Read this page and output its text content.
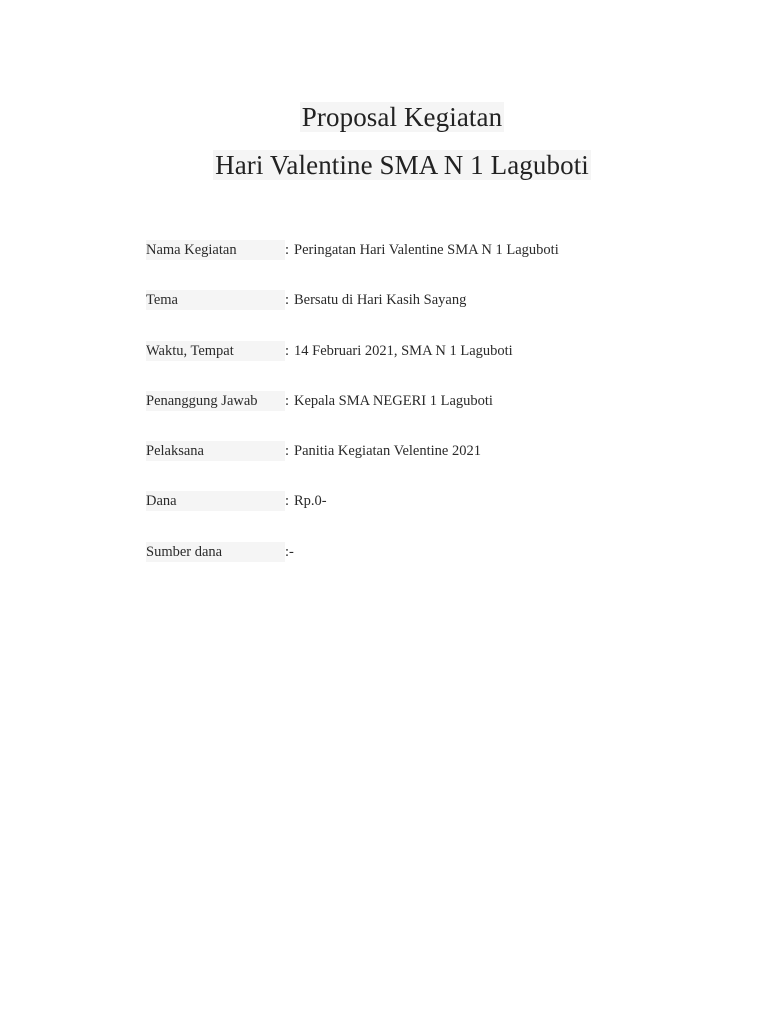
Proposal Kegiatan
Hari Valentine SMA N 1 Laguboti
Nama Kegiatan	: Peringatan Hari Valentine SMA N 1 Laguboti
Tema	: Bersatu di Hari Kasih Sayang
Waktu, Tempat	: 14 Februari 2021, SMA N 1 Laguboti
Penanggung Jawab	: Kepala SMA NEGERI 1 Laguboti
Pelaksana	: Panitia Kegiatan Velentine 2021
Dana	: Rp.0-
Sumber dana	:-
